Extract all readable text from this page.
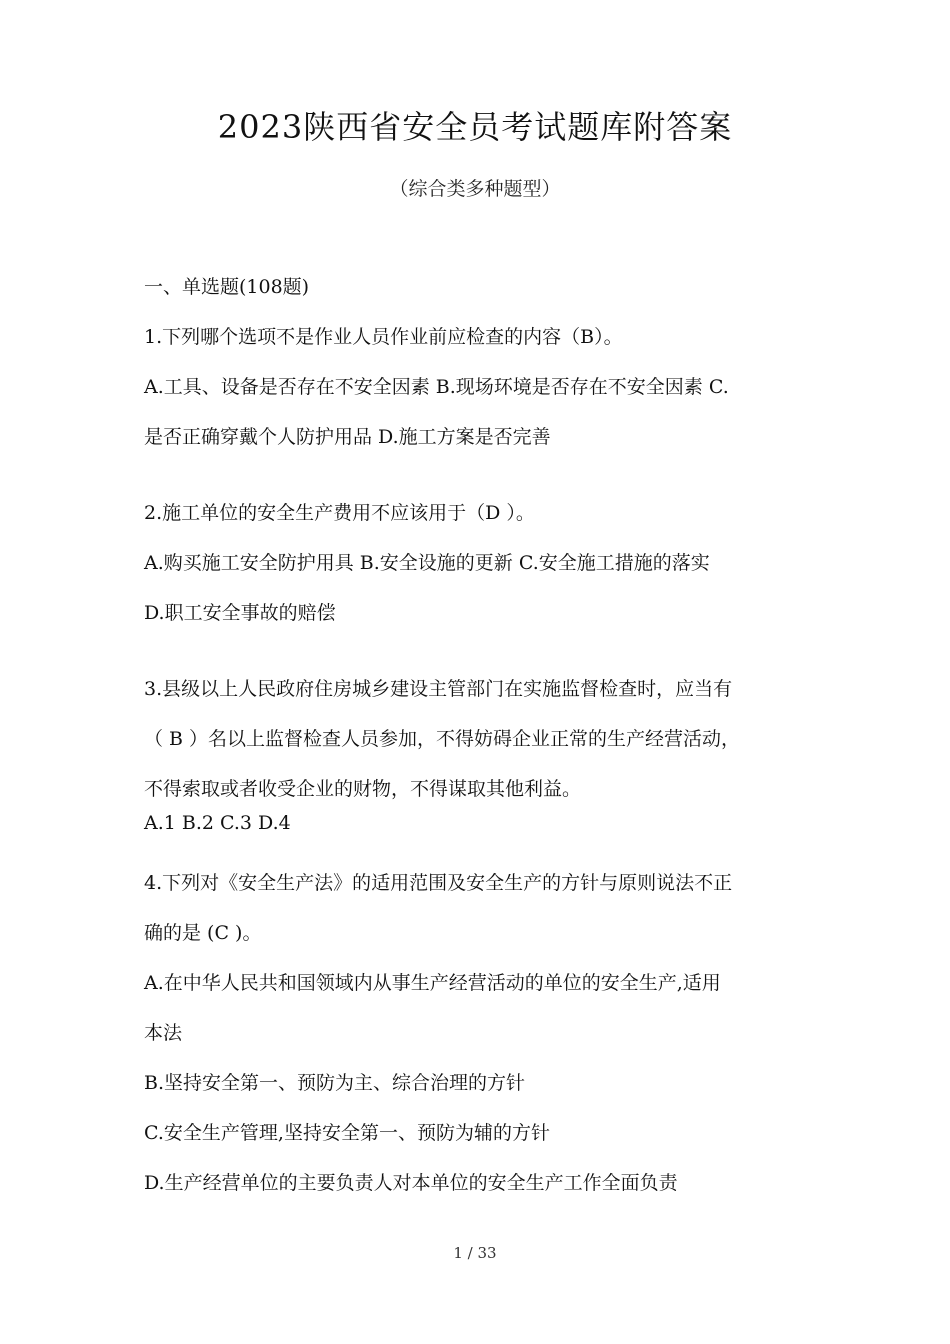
2023陕西省安全员考试题库附答案
（综合类多种题型）
一、单选题(108题)
1.下列哪个选项不是作业人员作业前应检查的内容（B）。
A.工具、设备是否存在不安全因素 B.现场环境是否存在不安全因素 C.
是否正确穿戴个人防护用品 D.施工方案是否完善
2.施工单位的安全生产费用不应该用于（D ）。
A.购买施工安全防护用具 B.安全设施的更新 C.安全施工措施的落实
D.职工安全事故的赔偿
3.县级以上人民政府住房城乡建设主管部门在实施监督检查时，应当有
（ B ）名以上监督检查人员参加，不得妨碍企业正常的生产经营活动，
不得索取或者收受企业的财物，不得谋取其他利益。
A.1 B.2 C.3 D.4
4.下列对《安全生产法》的适用范围及安全生产的方针与原则说法不正
确的是 (C )。
A.在中华人民共和国领域内从事生产经营活动的单位的安全生产,适用
本法
B.坚持安全第一、预防为主、综合治理的方针
C.安全生产管理,坚持安全第一、预防为辅的方针
D.生产经营单位的主要负责人对本单位的安全生产工作全面负责
1 / 33
